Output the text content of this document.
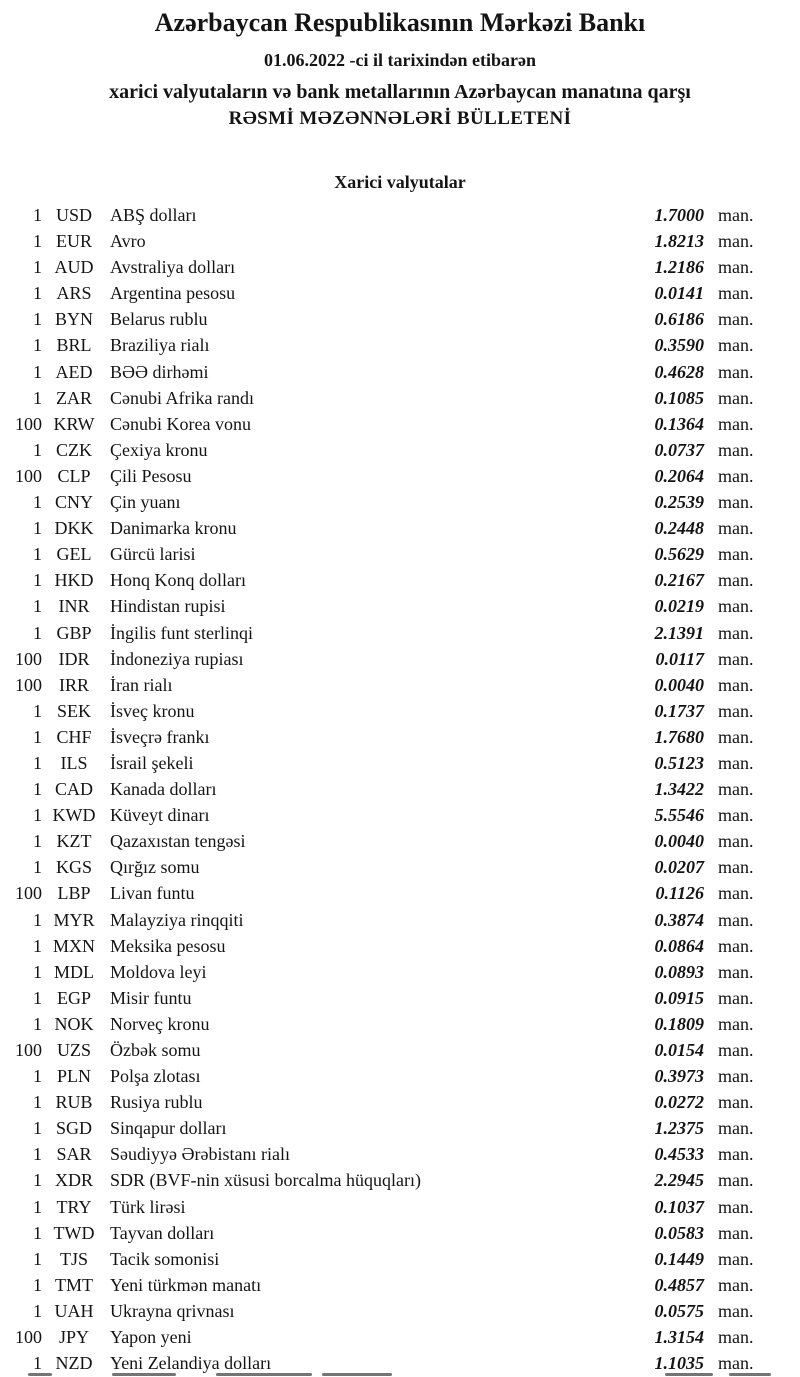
Azərbaycan Respublikasının Mərkəzi Bankı
01.06.2022 -ci il tarixindən etibarən
xarici valyutaların və bank metallarının Azərbaycan manatına qarşı
RƏSMİ MƏZƏNNƏLƏRİ BÜLLETENİ
Xarici valyutalar
1 USD	ABŞ dolları	1.7000 man.
1 EUR	Avro	1.8213 man.
1 AUD Avstraliya dolları	1.2186 man.
1 ARS	Argentina pesosu	0.0141 man.
1 BYN Belarus rublu	0.6186 man.
1 BRL	Braziliya rialı	0.3590 man.
1 AED BƏƏ dirhəmi	0.4628 man.
1 ZAR	Cənubi Afrika randı	0.1085 man.
100 KRW Cənubi Korea vonu	0.1364 man.
1 CZK	Çexiya kronu	0.0737 man.
100 CLP	Çili Pesosu	0.2064 man.
1 CNY Çin yuanı	0.2539 man.
1 DKK Danimarka kronu	0.2448 man.
1 GEL	Gürcü larisi	0.5629 man.
1 HKD Honq Konq dolları	0.2167 man.
1 INR	Hindistan rupisi	0.0219 man.
1 GBP	İngilis funt sterlinqi	2.1391 man.
100 IDR	İndoneziya rupiası	0.0117 man.
100 IRR	İran rialı	0.0040 man.
1 SEK	İsveç kronu	0.1737 man.
1 CHF	İsveçrə frankı	1.7680 man.
1	ILS	İsrail şekeli	0.5123 man.
1 CAD Kanada dolları	1.3422 man.
1 KWD Küveyt dinarı	5.5546 man.
1 KZT	Qazaxıstan tengəsi	0.0040 man.
1 KGS	Qırğız somu	0.0207 man.
100 LBP	Livan funtu	0.1126 man.
1 MYR Malayziya rinqqiti	0.3874 man.
1 MXN Meksika pesosu	0.0864 man.
1 MDL Moldova leyi	0.0893 man.
1 EGP	Misir funtu	0.0915 man.
1 NOK Norveç kronu	0.1809 man.
100 UZS	Özbək somu	0.0154 man.
1 PLN	Polşa zlotası	0.3973 man.
1 RUB Rusiya rublu	0.0272 man.
1 SGD	Sinqapur dolları	1.2375 man.
1 SAR	Səudiyyə Ərəbistanı rialı	0.4533 man.
1 XDR SDR (BVF-nin xüsusi borcalma hüquqları)	2.2945 man.
1 TRY	Türk lirəsi	0.1037 man.
1 TWD Tayvan dolları	0.0583 man.
1 TJS	Tacik somonisi	0.1449 man.
1 TMT Yeni türkmən manatı	0.4857 man.
1 UAH Ukrayna qrivnası	0.0575 man.
100 JPY	Yapon yeni	1.3154 man.
1 NZD Yeni Zelandiya dolları	1.1035 man.
